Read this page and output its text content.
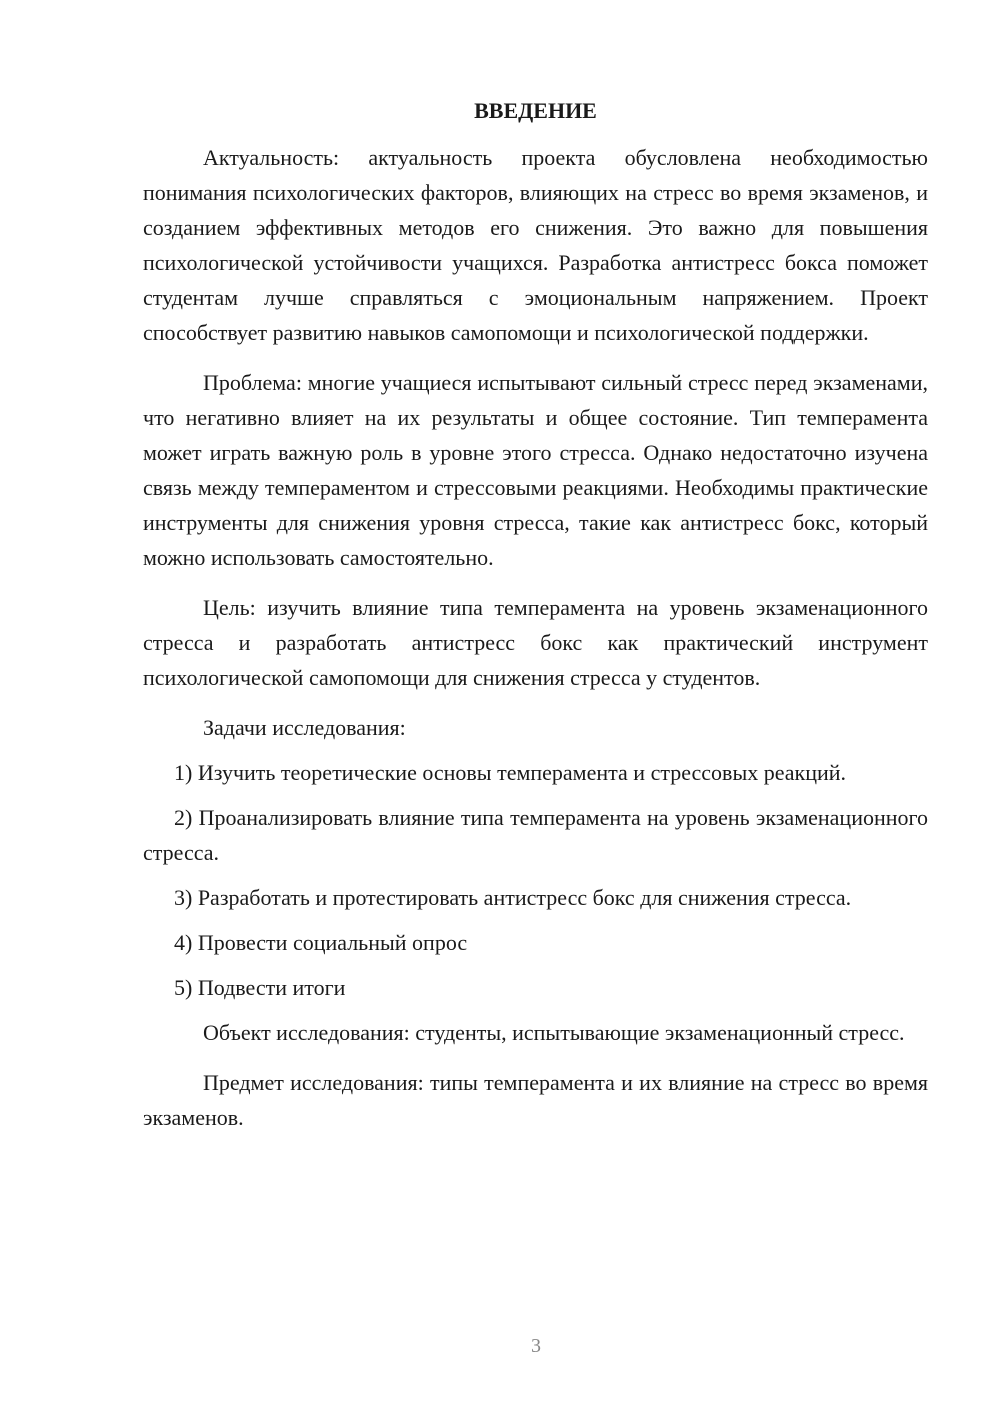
ВВЕДЕНИЕ

Актуальность: актуальность проекта обусловлена необходимостью понимания психологических факторов, влияющих на стресс во время экзаменов, и созданием эффективных методов его снижения. Это важно для повышения психологической устойчивости учащихся. Разработка антистресс бокса поможет студентам лучше справляться с эмоциональным напряжением. Проект способствует развитию навыков самопомощи и психологической поддержки.

Проблема: многие учащиеся испытывают сильный стресс перед экзаменами, что негативно влияет на их результаты и общее состояние. Тип темперамента может играть важную роль в уровне этого стресса. Однако недостаточно изучена связь между темпераментом и стрессовыми реакциями. Необходимы практические инструменты для снижения уровня стресса, такие как антистресс бокс, который можно использовать самостоятельно.

Цель: изучить влияние типа темперамента на уровень экзаменационного стресса и разработать антистресс бокс как практический инструмент психологической самопомощи для снижения стресса у студентов.

Задачи исследования:

1) Изучить теоретические основы темперамента и стрессовых реакций.

2) Проанализировать влияние типа темперамента на уровень экзаменационного стресса.

3) Разработать и протестировать антистресс бокс для снижения стресса.

4) Провести социальный опрос

5) Подвести итоги

Объект исследования: студенты, испытывающие экзаменационный стресс.

Предмет исследования: типы темперамента и их влияние на стресс во время экзаменов.

3
